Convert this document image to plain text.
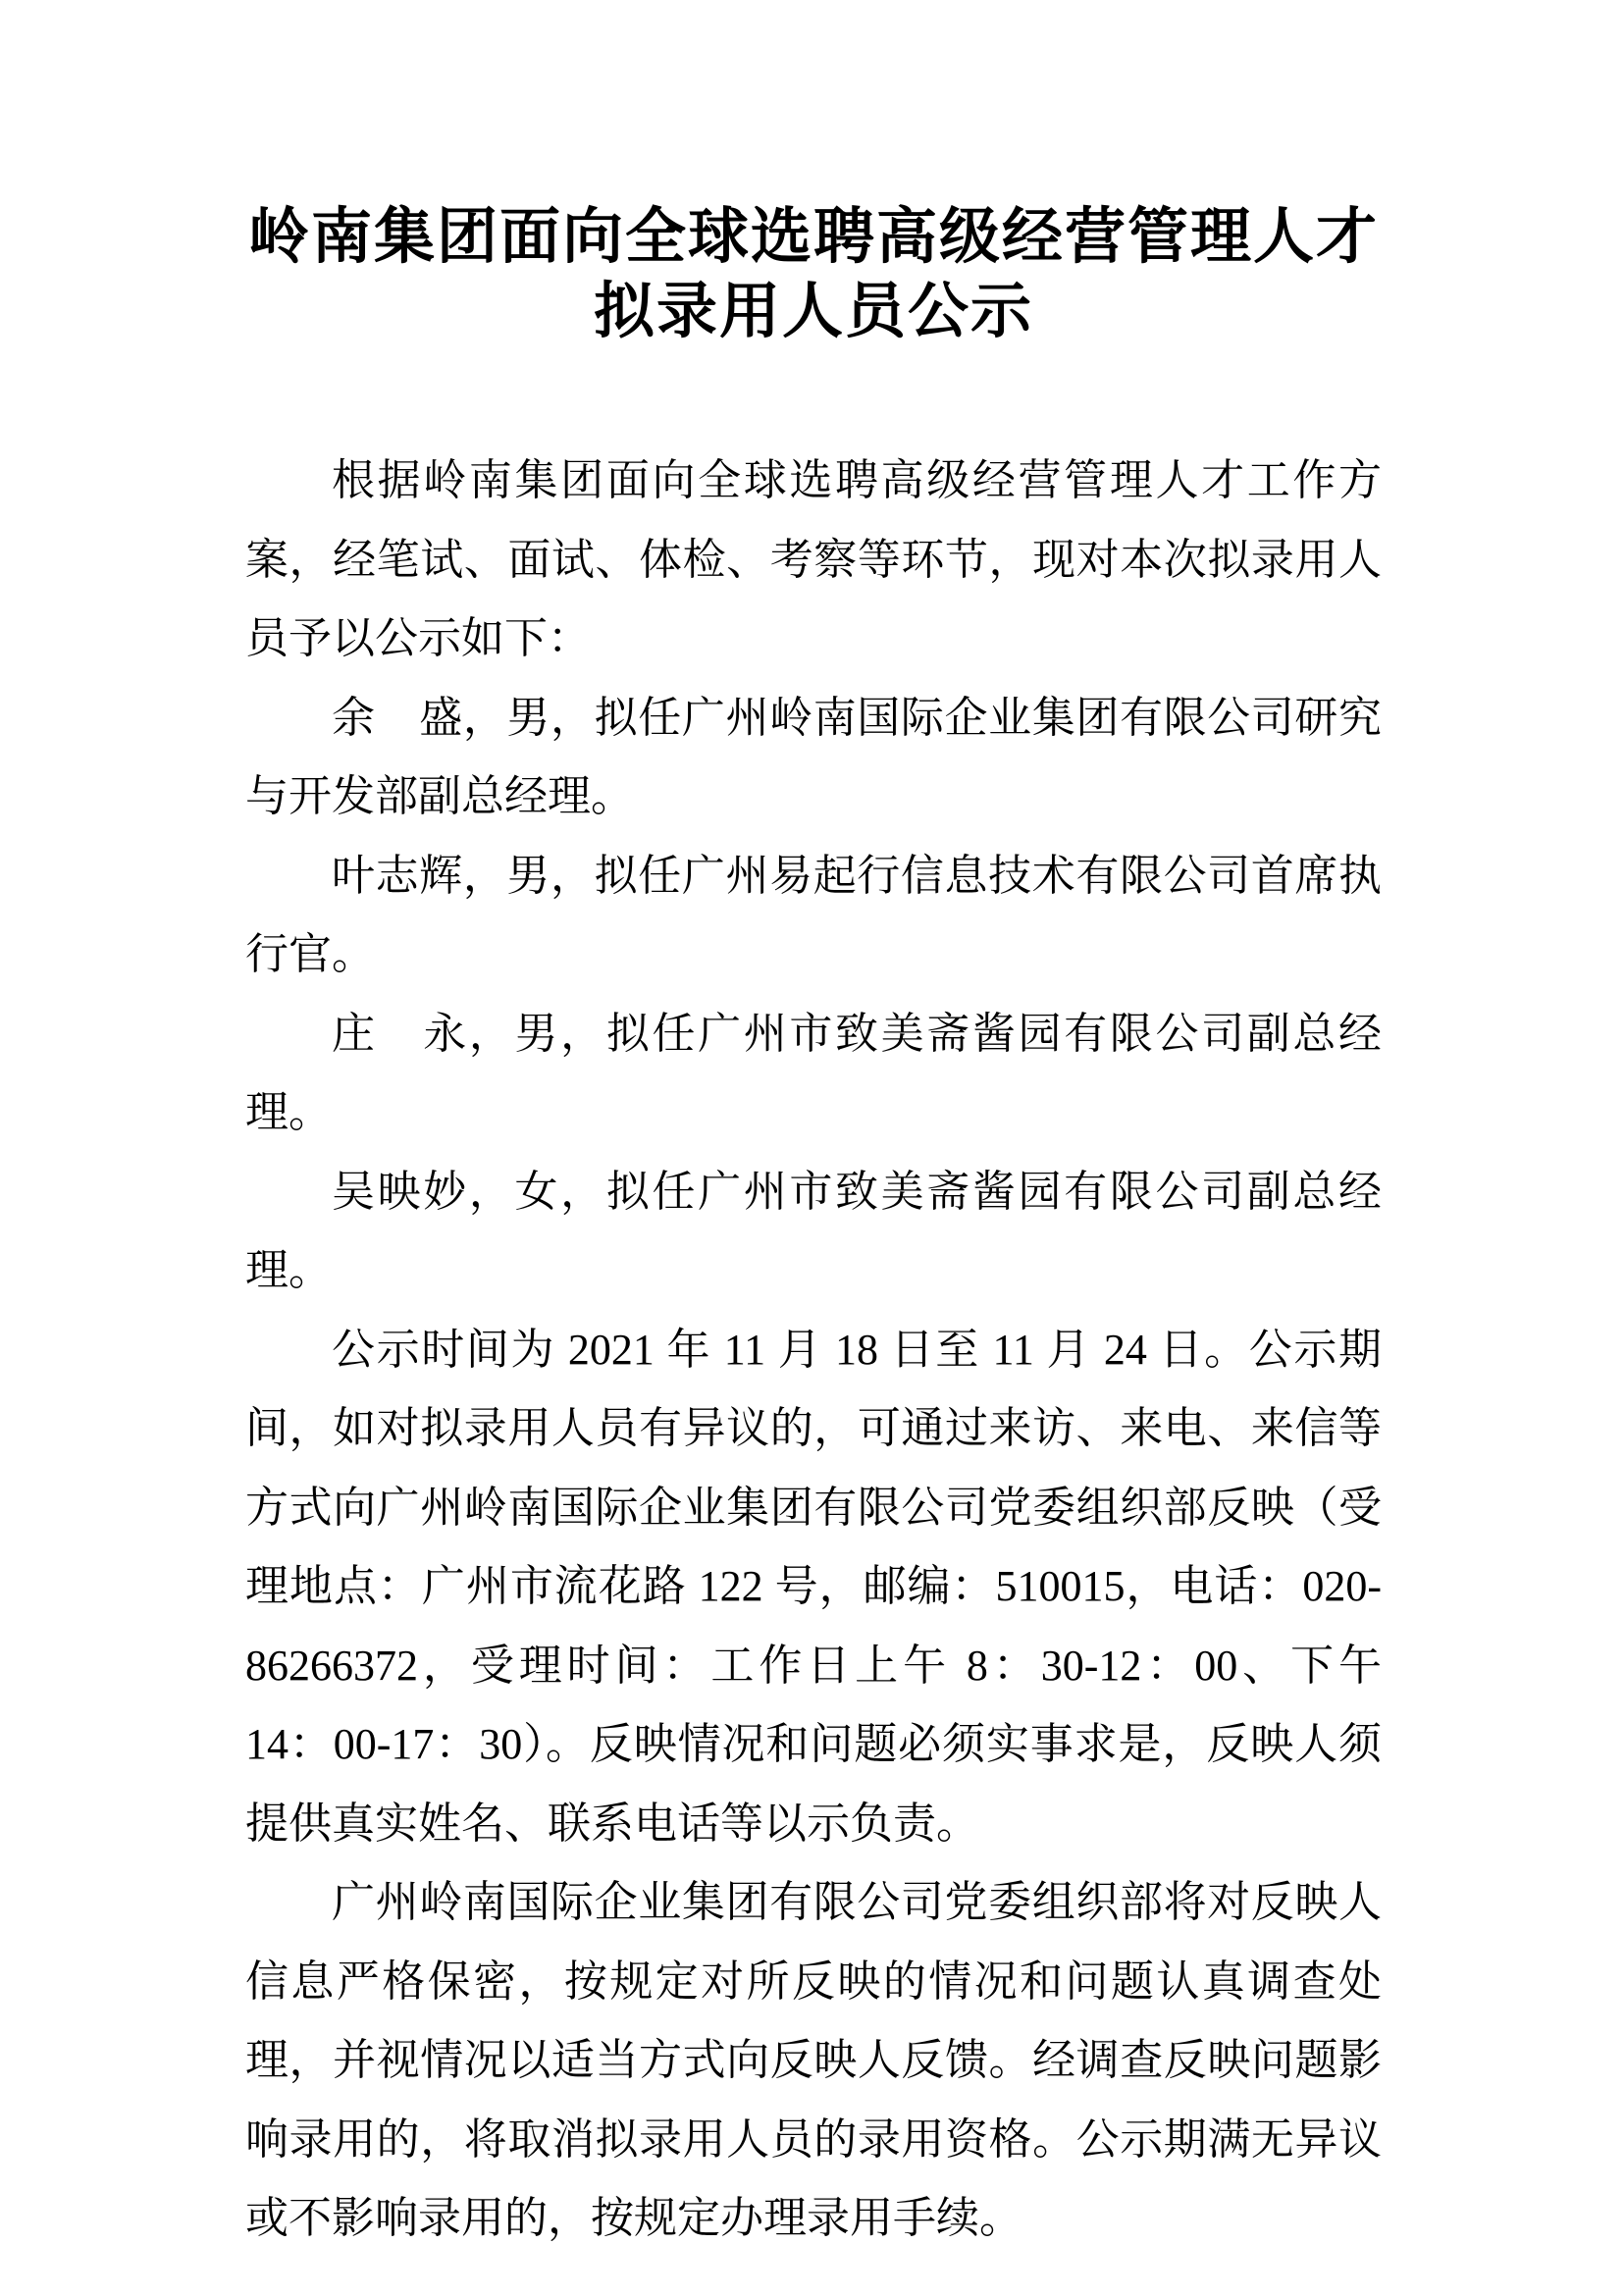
岭南集团面向全球选聘高级经营管理人才
拟录用人员公示

根据岭南集团面向全球选聘高级经营管理人才工作方案，经笔试、面试、体检、考察等环节，现对本次拟录用人员予以公示如下：

余　盛，男，拟任广州岭南国际企业集团有限公司研究与开发部副总经理。

叶志辉，男，拟任广州易起行信息技术有限公司首席执行官。

庄　永，男，拟任广州市致美斋酱园有限公司副总经理。

吴映妙，女，拟任广州市致美斋酱园有限公司副总经理。

公示时间为 2021 年 11 月 18 日至 11 月 24 日。公示期间，如对拟录用人员有异议的，可通过来访、来电、来信等方式向广州岭南国际企业集团有限公司党委组织部反映（受理地点：广州市流花路 122 号，邮编：510015，电话：020-86266372，受理时间：工作日上午 8：30-12：00、下午 14：00-17：30）。反映情况和问题必须实事求是，反映人须提供真实姓名、联系电话等以示负责。

广州岭南国际企业集团有限公司党委组织部将对反映人信息严格保密，按规定对所反映的情况和问题认真调查处理，并视情况以适当方式向反映人反馈。经调查反映问题影响录用的，将取消拟录用人员的录用资格。公示期满无异议或不影响录用的，按规定办理录用手续。
